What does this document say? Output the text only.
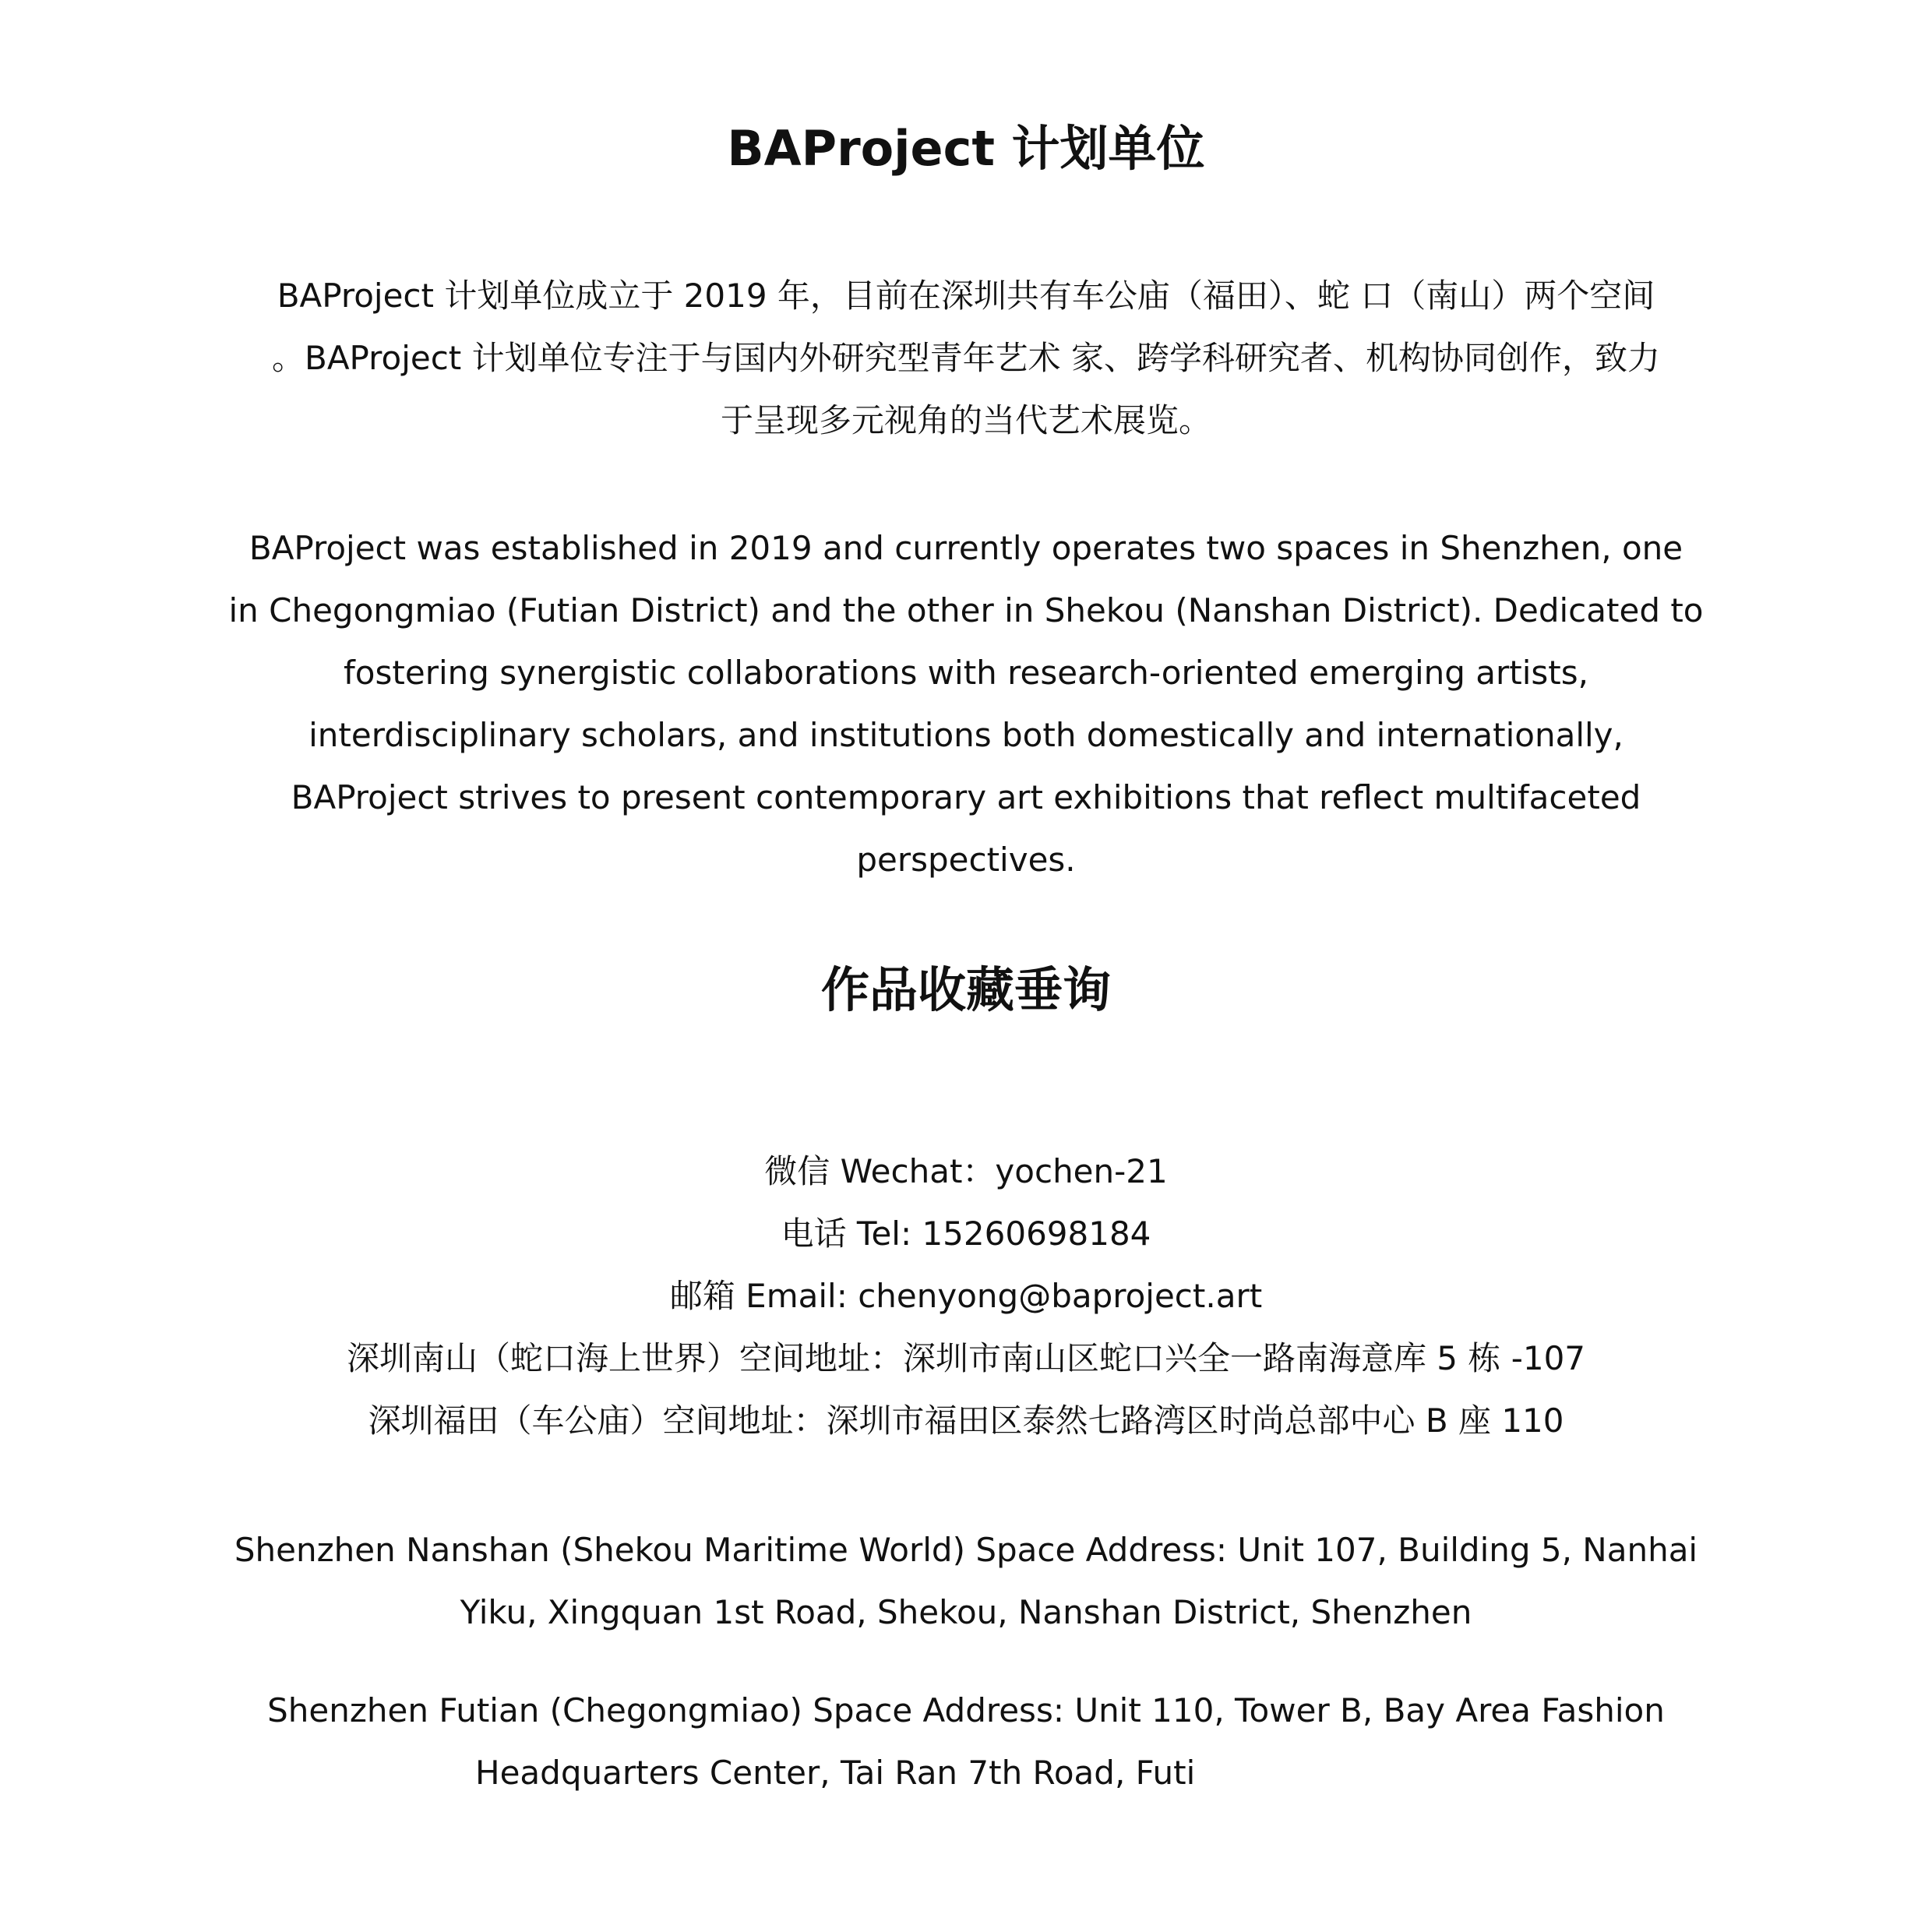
BAProject 计划单位
BAProject 计划单位成立于 2019 年，目前在深圳共有车公庙（福田）、蛇 口（南山）两个空间
。BAProject 计划单位专注于与国内外研究型青年艺术 家、跨学科研究者、机构协同创作，致力
于呈现多元视角的当代艺术展览。
BAProject was established in 2019 and currently operates two spaces in Shenzhen, one
in Chegongmiao (Futian District) and the other in Shekou (Nanshan District). Dedicated to
fostering synergistic collaborations with research-oriented emerging artists,
interdisciplinary scholars, and institutions both domestically and internationally,
BAProject strives to present contemporary art exhibitions that reflect multifaceted
perspectives.
作品收藏垂询
微信 Wechat：yochen-21
电话 Tel: 15260698184
邮箱 Email: chenyong@baproject.art
深圳南山（蛇口海上世界）空间地址：深圳市南山区蛇口兴全一路南海意库 5 栋 -107
深圳福田（车公庙）空间地址：深圳市福田区泰然七路湾区时尚总部中心 B 座 110
Shenzhen Nanshan (Shekou Maritime World) Space Address: Unit 107, Building 5, Nanhai
Yiku, Xingquan 1st Road, Shekou, Nanshan District, Shenzhen
Shenzhen Futian (Chegongmiao) Space Address: Unit 110, Tower B, Bay Area Fashion
Headquarters Center, Tai Ran 7th Road, Futi
